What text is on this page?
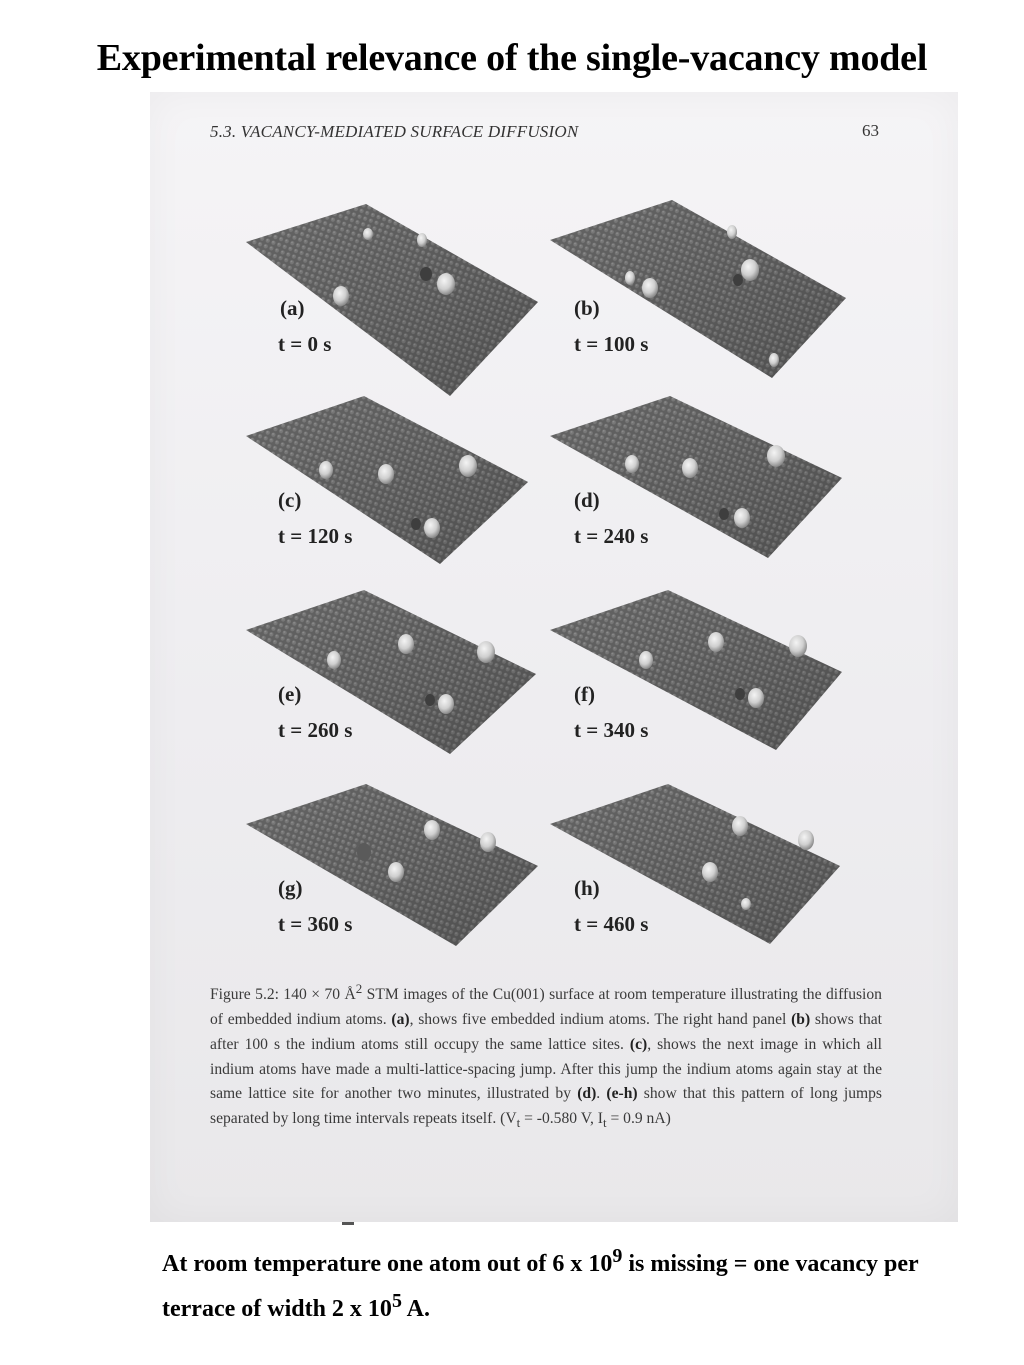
Experimental relevance of the single-vacancy model
5.3. VACANCY-MEDIATED SURFACE DIFFUSION	63
(a)
t = 0 s
(b)
t = 100 s
(c)
t = 120 s
(d)
t = 240 s
(e)
t = 260 s
(f)
t = 340 s
(g)
t = 360 s
(h)
t = 460 s
Figure 5.2: 140 × 70 $Å^2$ STM images of the Cu(001) surface at room temperature illustrating the diffusion of embedded indium atoms. (a), shows five embedded indium atoms. The right hand panel (b) shows that after 100 s the indium atoms still occupy the same lattice sites. (c), shows the next image in which all indium atoms have made a multi-lattice-spacing jump. After this jump the indium atoms again stay at the same lattice site for another two minutes, illustrated by (d). (e-h) show that this pattern of long jumps separated by long time intervals repeats itself. ($V_t = -0.580$ V, $I_t = 0.9$ nA)
At room temperature one atom out of 6 x $10^9$ is missing = one vacancy per terrace of width 2 x $10^5$ A.
